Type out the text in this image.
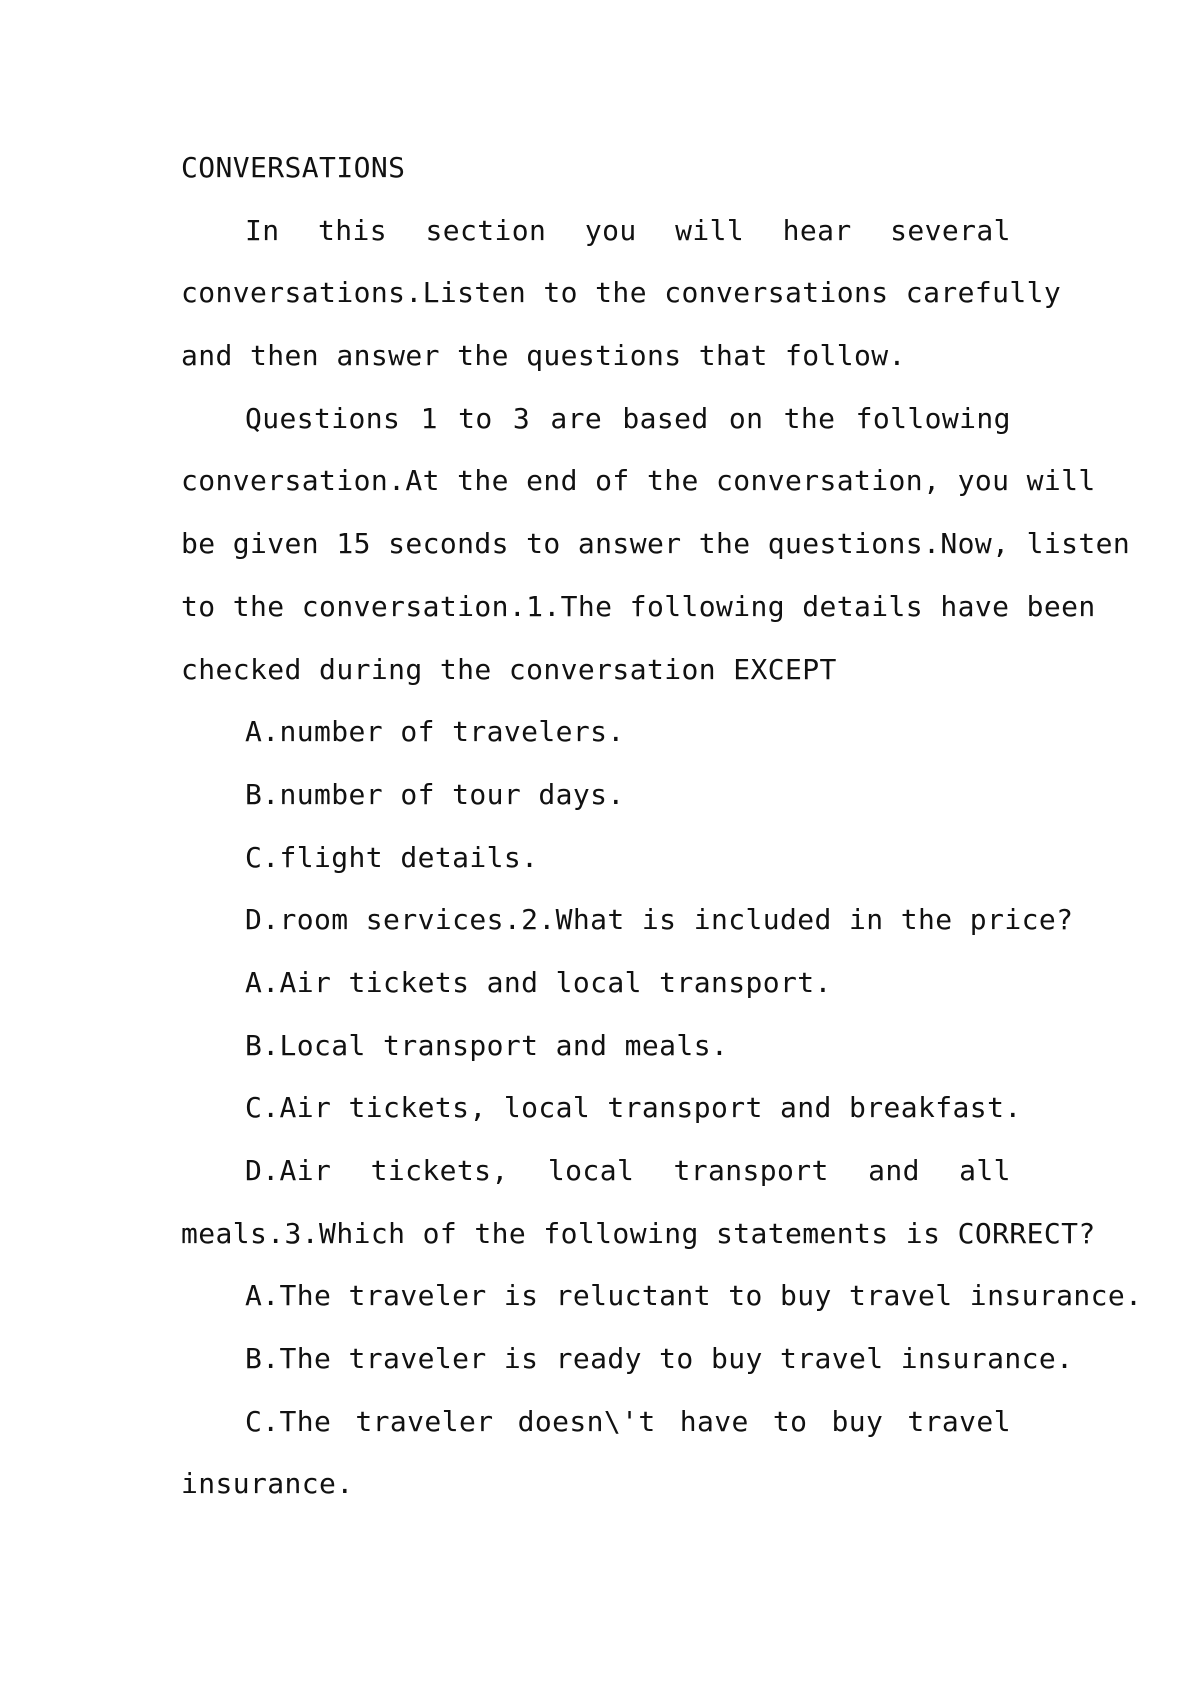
CONVERSATIONS
In this section you will hear several
conversations.Listen to the conversations carefully
and then answer the questions that follow.
Questions 1 to 3 are based on the following
conversation.At the end of the conversation, you will
be given 15 seconds to answer the questions.Now, listen
to the conversation.1.The following details have been
checked during the conversation EXCEPT
A.number of travelers.
B.number of tour days.
C.flight details.
D.room services.2.What is included in the price?
A.Air tickets and local transport.
B.Local transport and meals.
C.Air tickets, local transport and breakfast.
D.Air tickets, local transport and all
meals.3.Which of the following statements is CORRECT?
A.The traveler is reluctant to buy travel insurance.
B.The traveler is ready to buy travel insurance.
C.The traveler doesn\'t have to buy travel
insurance.
